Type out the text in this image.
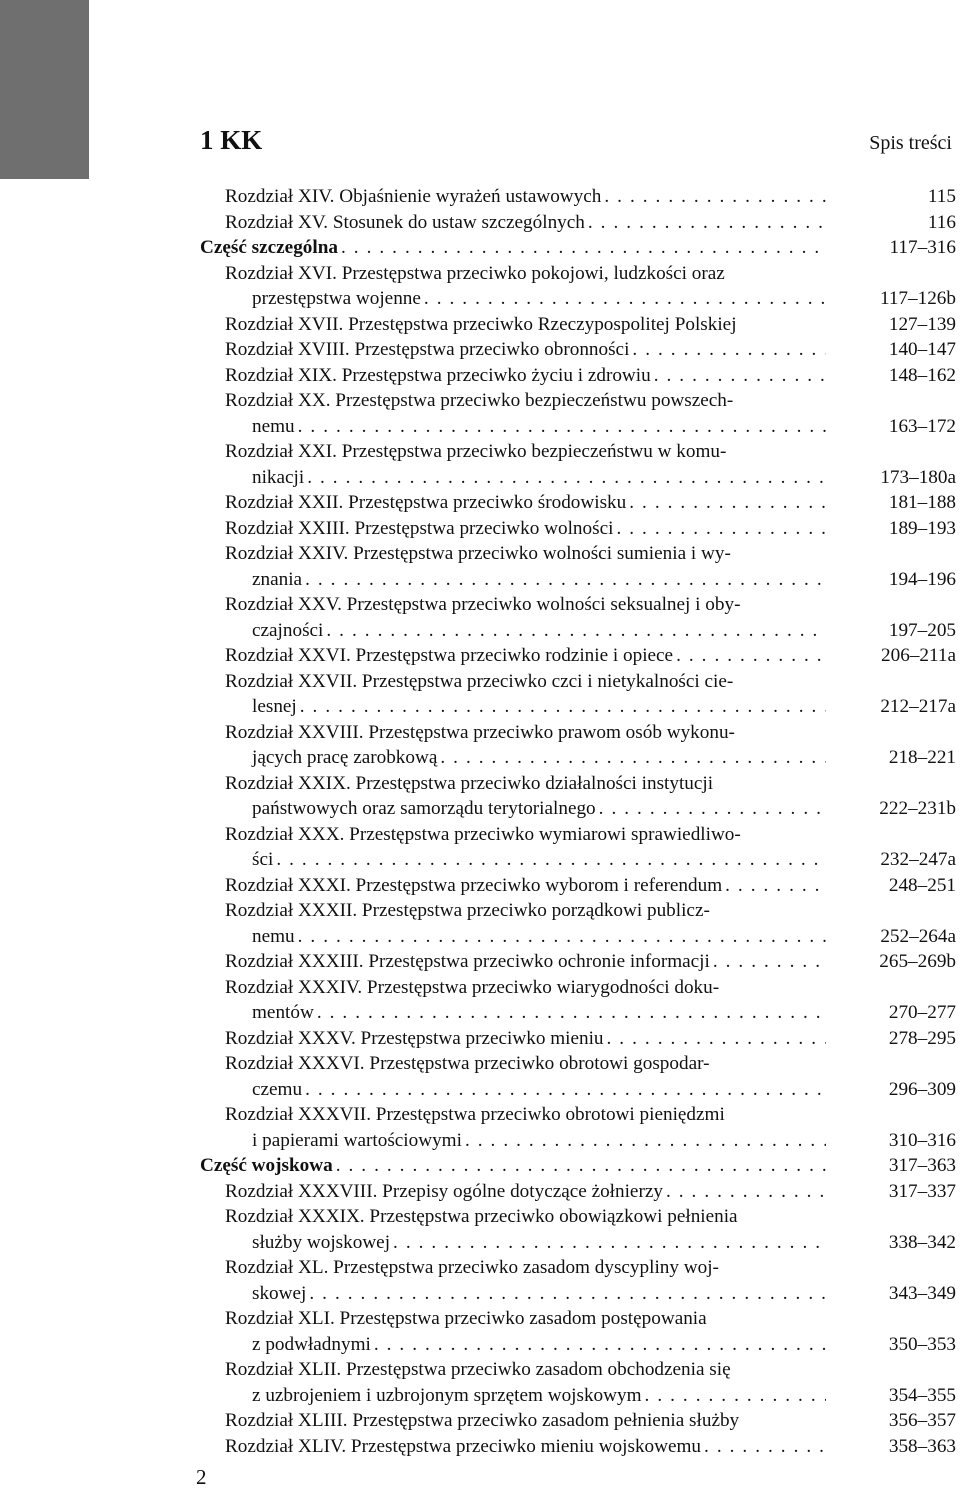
1 KK	Spis treści
Rozdział XIV. Objaśnienie wyrażeń ustawowych . . .	115
Rozdział XV. Stosunek do ustaw szczególnych . . .	116
Część szczególna . . .	117–316
Rozdział XVI. Przestępstwa przeciwko pokojowi, ludzkości oraz
przestępstwa wojenne . . .	117–126b
Rozdział XVII. Przestępstwa przeciwko Rzeczypospolitej Polskiej	127–139
Rozdział XVIII. Przestępstwa przeciwko obronności . . .	140–147
Rozdział XIX. Przestępstwa przeciwko życiu i zdrowiu . . .	148–162
Rozdział XX. Przestępstwa przeciwko bezpieczeństwu powszech-
nemu . . .	163–172
Rozdział XXI. Przestępstwa przeciwko bezpieczeństwu w komu-
nikacji . . .	173–180a
Rozdział XXII. Przestępstwa przeciwko środowisku . . .	181–188
Rozdział XXIII. Przestępstwa przeciwko wolności . . .	189–193
Rozdział XXIV. Przestępstwa przeciwko wolności sumienia i wy-
znania . . .	194–196
Rozdział XXV. Przestępstwa przeciwko wolności seksualnej i oby-
czajności . . .	197–205
Rozdział XXVI. Przestępstwa przeciwko rodzinie i opiece . . .	206–211a
Rozdział XXVII. Przestępstwa przeciwko czci i nietykalności cie-
lesnej . . .	212–217a
Rozdział XXVIII. Przestępstwa przeciwko prawom osób wykonu-
jących pracę zarobkową . . .	218–221
Rozdział XXIX. Przestępstwa przeciwko działalności instytucji
państwowych oraz samorządu terytorialnego . . .	222–231b
Rozdział XXX. Przestępstwa przeciwko wymiarowi sprawiedliwo-
ści . . .	232–247a
Rozdział XXXI. Przestępstwa przeciwko wyborom i referendum . . .	248–251
Rozdział XXXII. Przestępstwa przeciwko porządkowi publicz-
nemu . . .	252–264a
Rozdział XXXIII. Przestępstwa przeciwko ochronie informacji . . .	265–269b
Rozdział XXXIV. Przestępstwa przeciwko wiarygodności doku-
mentów . . .	270–277
Rozdział XXXV. Przestępstwa przeciwko mieniu . . .	278–295
Rozdział XXXVI. Przestępstwa przeciwko obrotowi gospodar-
czemu . . .	296–309
Rozdział XXXVII. Przestępstwa przeciwko obrotowi pieniędzmi
i papierami wartościowymi . . .	310–316
Część wojskowa . . .	317–363
Rozdział XXXVIII. Przepisy ogólne dotyczące żołnierzy . . .	317–337
Rozdział XXXIX. Przestępstwa przeciwko obowiązkowi pełnienia
służby wojskowej . . .	338–342
Rozdział XL. Przestępstwa przeciwko zasadom dyscypliny woj-
skowej . . .	343–349
Rozdział XLI. Przestępstwa przeciwko zasadom postępowania
z podwładnymi . . .	350–353
Rozdział XLII. Przestępstwa przeciwko zasadom obchodzenia się
z uzbrojeniem i uzbrojonym sprzętem wojskowym . . .	354–355
Rozdział XLIII. Przestępstwa przeciwko zasadom pełnienia służby	356–357
Rozdział XLIV. Przestępstwa przeciwko mieniu wojskowemu . . .	358–363
2
